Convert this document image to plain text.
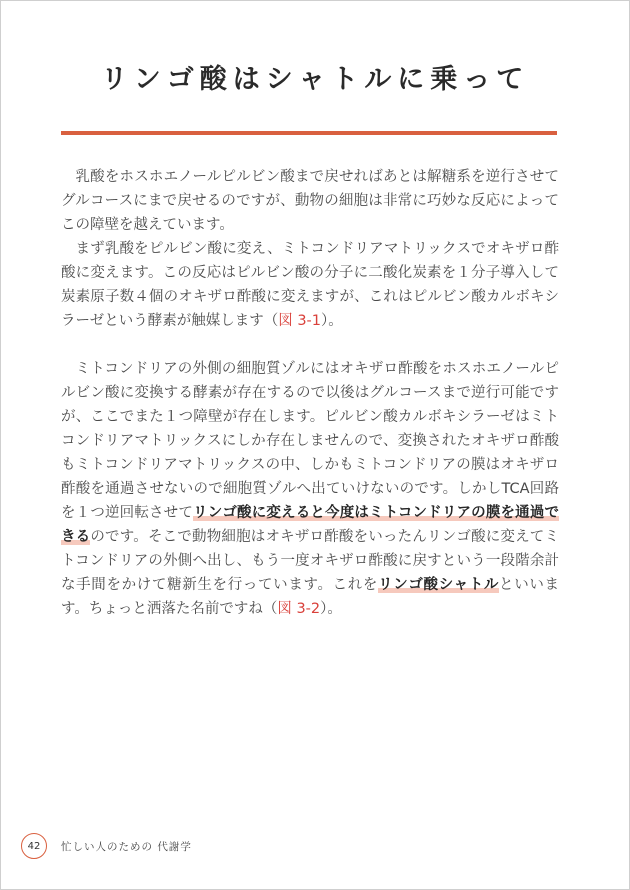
リンゴ酸はシャトルに乗って

乳酸をホスホエノールピルビン酸まで戻せればあとは解糖系を逆行させてグルコースにまで戻せるのですが、動物の細胞は非常に巧妙な反応によってこの障壁を越えています。

まず乳酸をピルビン酸に変え、ミトコンドリアマトリックスでオキザロ酢酸に変えます。この反応はピルビン酸の分子に二酸化炭素を１分子導入して炭素原子数４個のオキザロ酢酸に変えますが、これはピルビン酸カルボキシラーゼという酵素が触媒します（図 3-1）。

ミトコンドリアの外側の細胞質ゾルにはオキザロ酢酸をホスホエノールピルビン酸に変換する酵素が存在するので以後はグルコースまで逆行可能ですが、ここでまた１つ障壁が存在します。ピルビン酸カルボキシラーゼはミトコンドリアマトリックスにしか存在しませんので、変換されたオキザロ酢酸もミトコンドリアマトリックスの中、しかもミトコンドリアの膜はオキザロ酢酸を通過させないので細胞質ゾルへ出ていけないのです。しかしTCA回路を１つ逆回転させてリンゴ酸に変えると今度はミトコンドリアの膜を通過できるのです。そこで動物細胞はオキザロ酢酸をいったんリンゴ酸に変えてミトコンドリアの外側へ出し、もう一度オキザロ酢酸に戻すという一段階余計な手間をかけて糖新生を行っています。これをリンゴ酸シャトルといいます。ちょっと洒落た名前ですね（図 3-2）。

42	忙しい人のための 代謝学
